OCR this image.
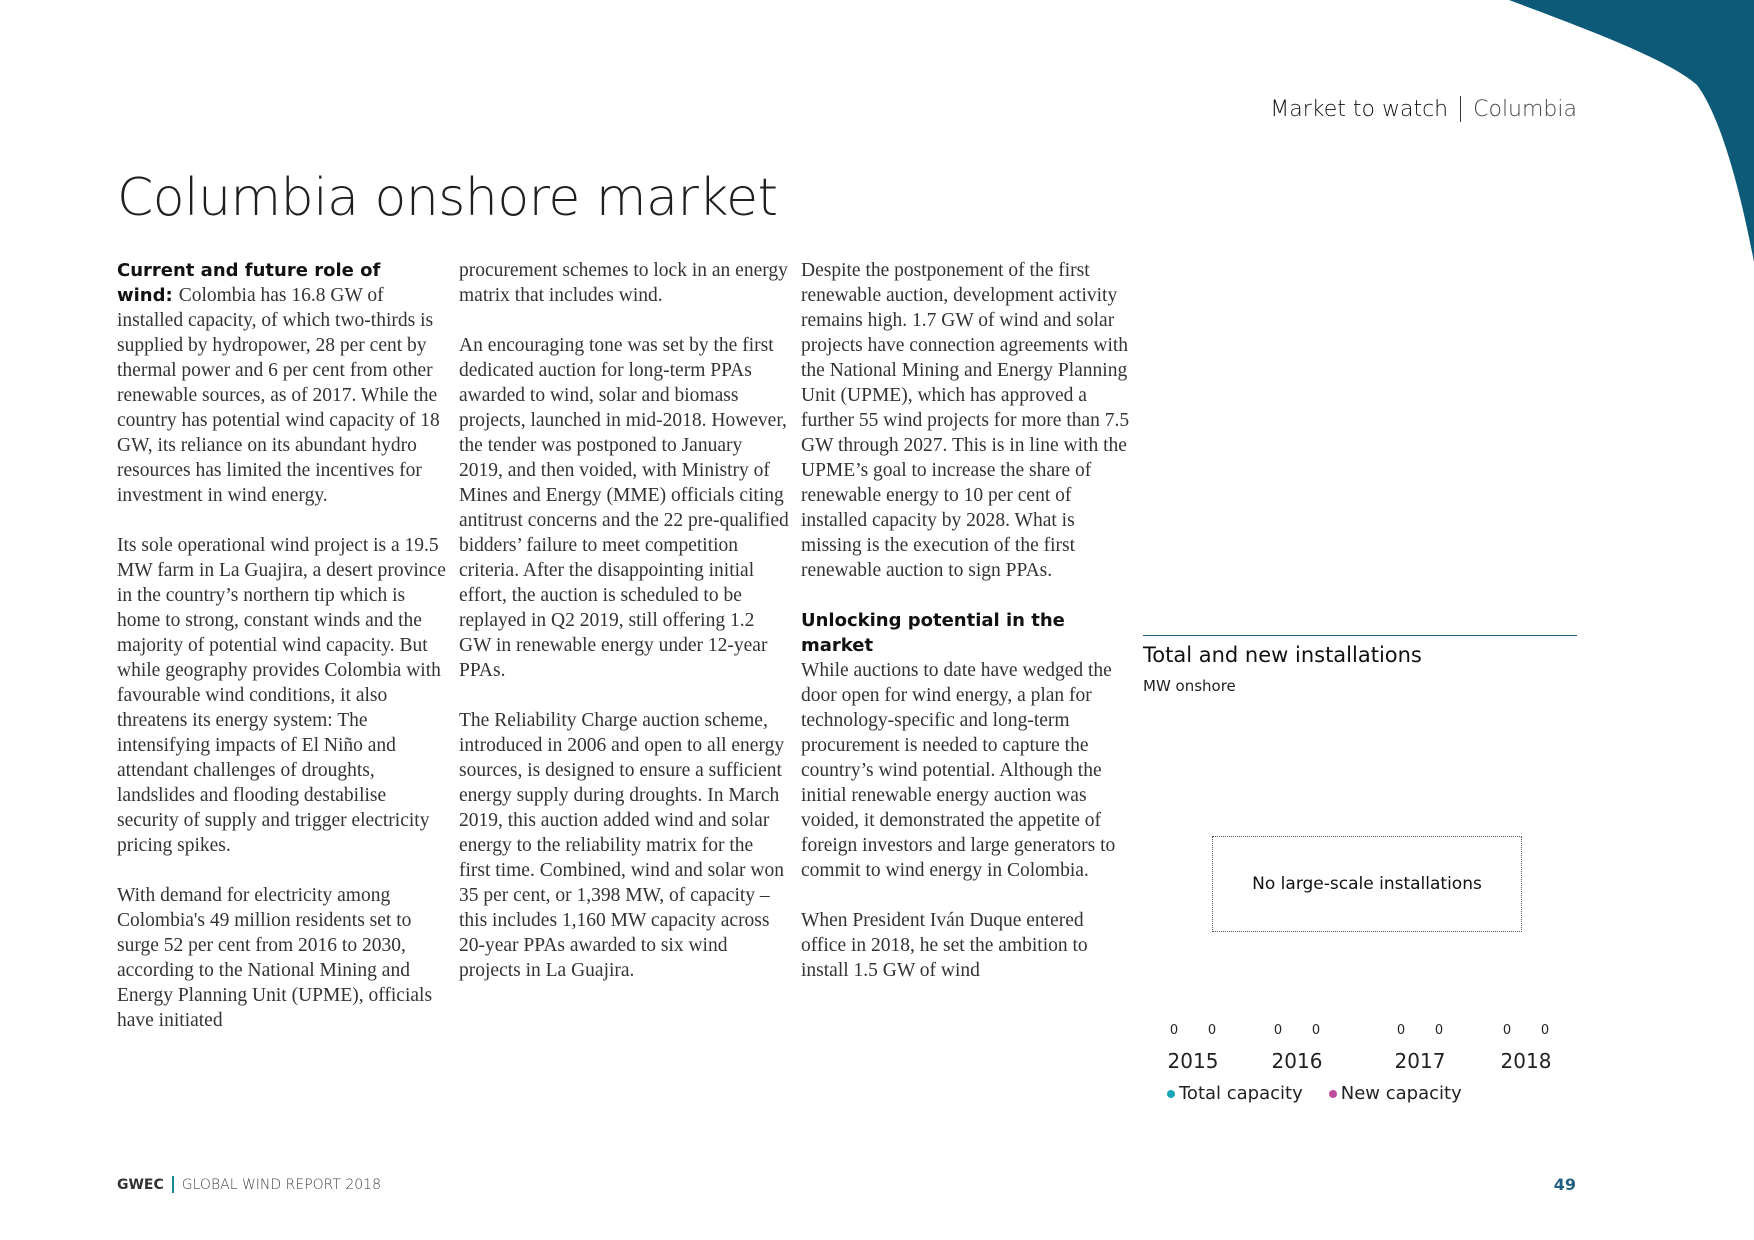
Market to watch Columbia
Columbia onshore market

Current and future role of wind: Colombia has 16.8 GW of installed capacity, of which two-thirds is supplied by hydropower, 28 per cent by thermal power and 6 per cent from other renewable sources, as of 2017. While the country has potential wind capacity of 18 GW, its reliance on its abundant hydro resources has limited the incentives for investment in wind energy.

Its sole operational wind project is a 19.5 MW farm in La Guajira, a desert province in the country’s northern tip which is home to strong, constant winds and the majority of potential wind capacity. But while geography provides Colombia with favourable wind conditions, it also threatens its energy system: The intensifying impacts of El Niño and attendant challenges of droughts, landslides and flooding destabilise security of supply and trigger electricity pricing spikes.

With demand for electricity among Colombia's 49 million residents set to surge 52 per cent from 2016 to 2030, according to the National Mining and Energy Planning Unit (UPME), officials have initiated

procurement schemes to lock in an energy matrix that includes wind.

An encouraging tone was set by the first dedicated auction for long-term PPAs awarded to wind, solar and biomass projects, launched in mid-2018. However, the tender was postponed to January 2019, and then voided, with Ministry of Mines and Energy (MME) officials citing antitrust concerns and the 22 pre-qualified bidders’ failure to meet competition criteria. After the disappointing initial effort, the auction is scheduled to be replayed in Q2 2019, still offering 1.2 GW in renewable energy under 12-year PPAs.

The Reliability Charge auction scheme, introduced in 2006 and open to all energy sources, is designed to ensure a sufficient energy supply during droughts. In March 2019, this auction added wind and solar energy to the reliability matrix for the first time. Combined, wind and solar won 35 per cent, or 1,398 MW, of capacity – this includes 1,160 MW capacity across 20-year PPAs awarded to six wind projects in La Guajira.

Despite the postponement of the first renewable auction, development activity remains high. 1.7 GW of wind and solar projects have connection agreements with the National Mining and Energy Planning Unit (UPME), which has approved a further 55 wind projects for more than 7.5 GW through 2027. This is in line with the UPME’s goal to increase the share of renewable energy to 10 per cent of installed capacity by 2028. What is missing is the execution of the first renewable auction to sign PPAs.

Unlocking potential in the market

While auctions to date have wedged the door open for wind energy, a plan for technology-specific and long-term procurement is needed to capture the country’s wind potential. Although the initial renewable energy auction was voided, it demonstrated the appetite of foreign investors and large generators to commit to wind energy in Colombia.

When President Iván Duque entered office in 2018, he set the ambition to install 1.5 GW of wind

Total and new installations
MW onshore
No large-scale installations
0 0
2015
0 0
2016
0 0
2017
0 0
2018
Total capacity New capacity
GWEC GLOBAL WIND REPORT 2018	49
